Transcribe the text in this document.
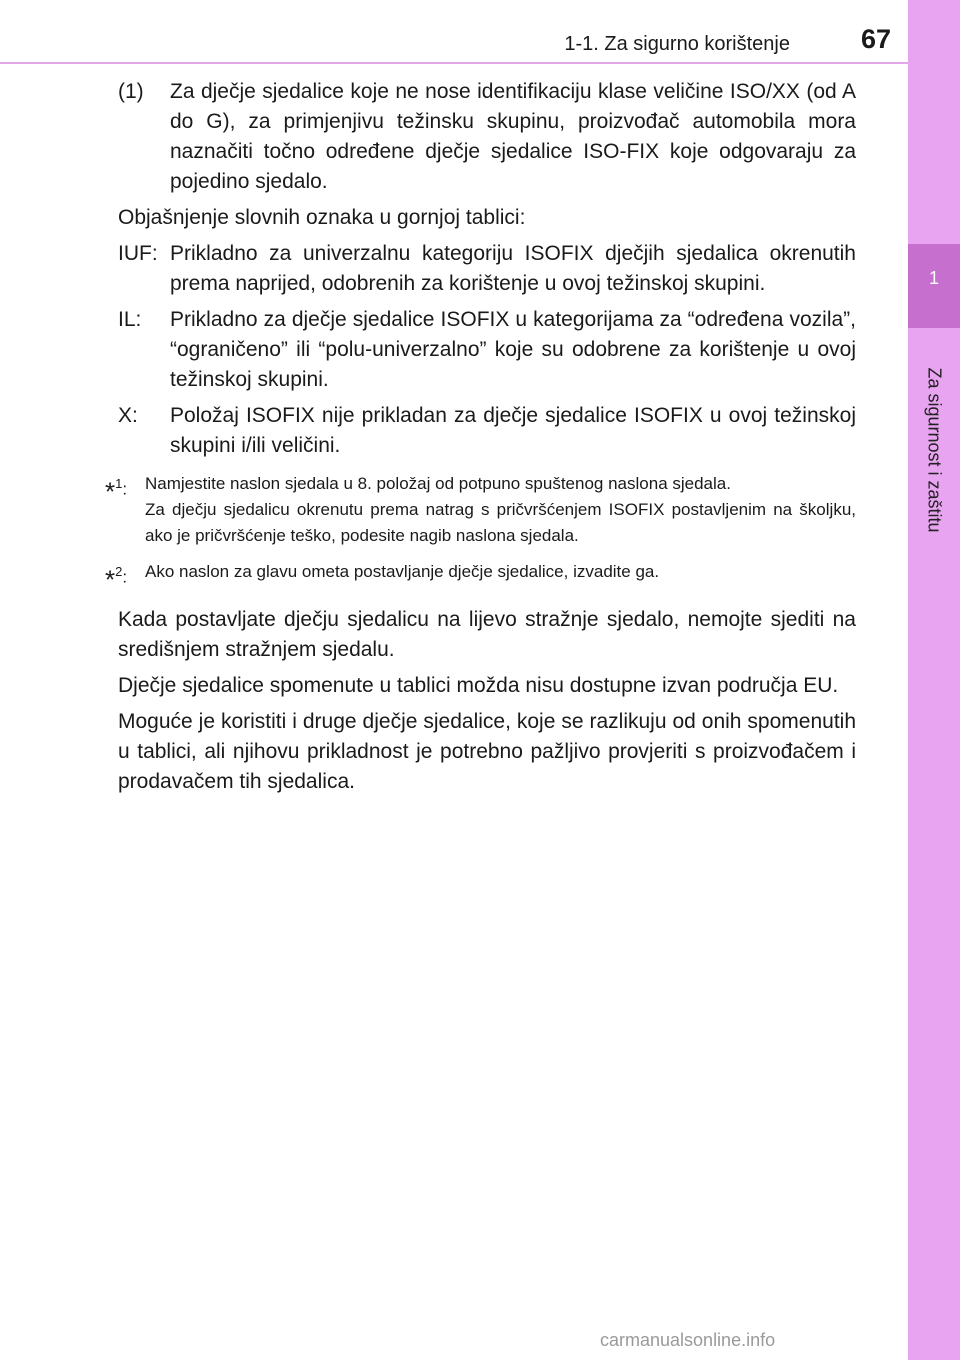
1
Za sigurnost i zaštitu
1-1. Za sigurno korištenje	67
(1)	Za dječje sjedalice koje ne nose identifikaciju klase veličine ISO/XX (od A do G), za primjenjivu težinsku skupinu, proizvođač automobila mora naznačiti točno određene dječje sjedalice ISO-FIX koje odgovaraju za pojedino sjedalo.

Objašnjenje slovnih oznaka u gornjoj tablici:

IUF: Prikladno za univerzalnu kategoriju ISOFIX dječjih sjedalica okrenutih prema naprijed, odobrenih za korištenje u ovoj težinskoj skupini.
IL:	Prikladno za dječje sjedalice ISOFIX u kategorijama za “određena vozila”, “ograničeno” ili “polu-univerzalno” koje su odobrene za korištenje u ovoj težinskoj skupini.
X:	Položaj ISOFIX nije prikladan za dječje sjedalice ISOFIX u ovoj težinskoj skupini i/ili veličini.
*$^1$:	Namjestite naslon sjedala u 8. položaj od potpuno spuštenog naslona sjedala.
Za dječju sjedalicu okrenutu prema natrag s pričvršćenjem ISOFIX postavljenim na školjku, ako je pričvršćenje teško, podesite nagib naslona sjedala.
*$^2$:	Ako naslon za glavu ometa postavljanje dječje sjedalice, izvadite ga.

Kada postavljate dječju sjedalicu na lijevo stražnje sjedalo, nemojte sjediti na središnjem stražnjem sjedalu.

Dječje sjedalice spomenute u tablici možda nisu dostupne izvan područja EU.

Moguće je koristiti i druge dječje sjedalice, koje se razlikuju od onih spomenutih u tablici, ali njihovu prikladnost je potrebno pažljivo provjeriti s proizvođačem i prodavačem tih sjedalica.

carmanualsonline.info
